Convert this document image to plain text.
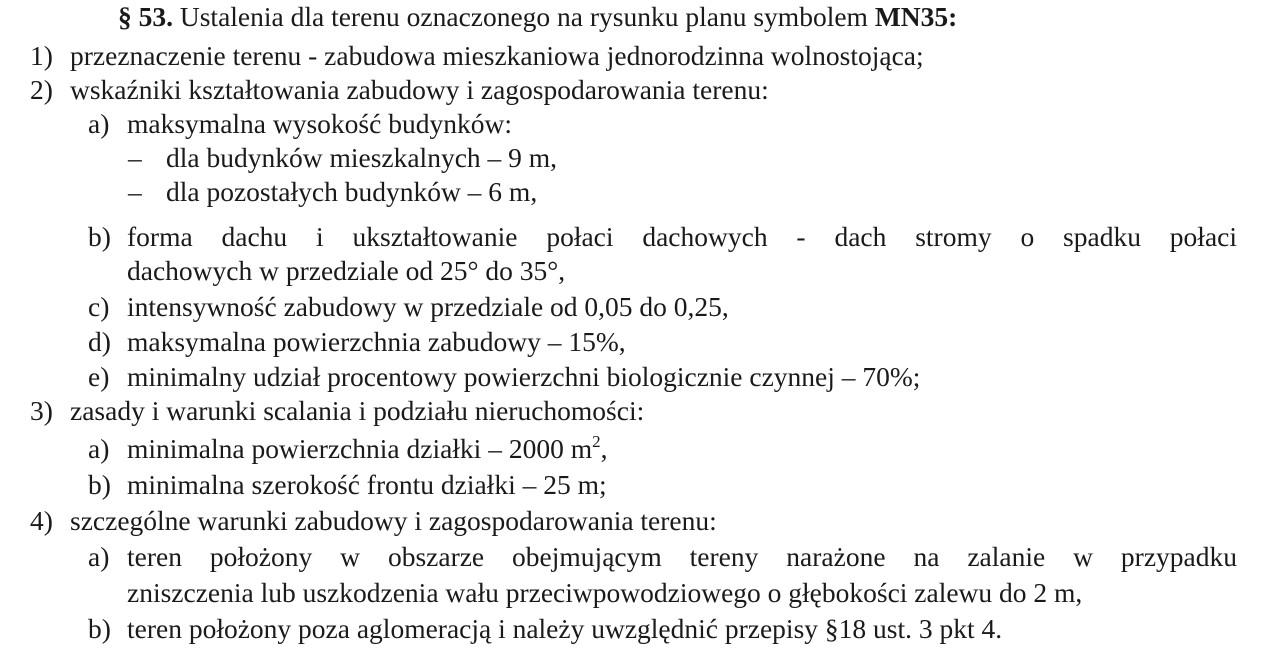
§ 53. Ustalenia dla terenu oznaczonego na rysunku planu symbolem MN35:
1) przeznaczenie terenu - zabudowa mieszkaniowa jednorodzinna wolnostojąca;
2) wskaźniki kształtowania zabudowy i zagospodarowania terenu:
a) maksymalna wysokość budynków:
– dla budynków mieszkalnych – 9 m,
– dla pozostałych budynków – 6 m,
b) forma dachu i ukształtowanie połaci dachowych - dach stromy o spadku połaci
dachowych w przedziale od 25° do 35°,
c) intensywność zabudowy w przedziale od 0,05 do 0,25,
d) maksymalna powierzchnia zabudowy – 15%,
e) minimalny udział procentowy powierzchni biologicznie czynnej – 70%;
3) zasady i warunki scalania i podziału nieruchomości:
a) minimalna powierzchnia działki – 2000 $m^2$,
b) minimalna szerokość frontu działki – 25 m;
4) szczególne warunki zabudowy i zagospodarowania terenu:
a) teren położony w obszarze obejmującym tereny narażone na zalanie w przypadku
zniszczenia lub uszkodzenia wału przeciwpowodziowego o głębokości zalewu do 2 m,
b) teren położony poza aglomeracją i należy uwzględnić przepisy §18 ust. 3 pkt 4.
